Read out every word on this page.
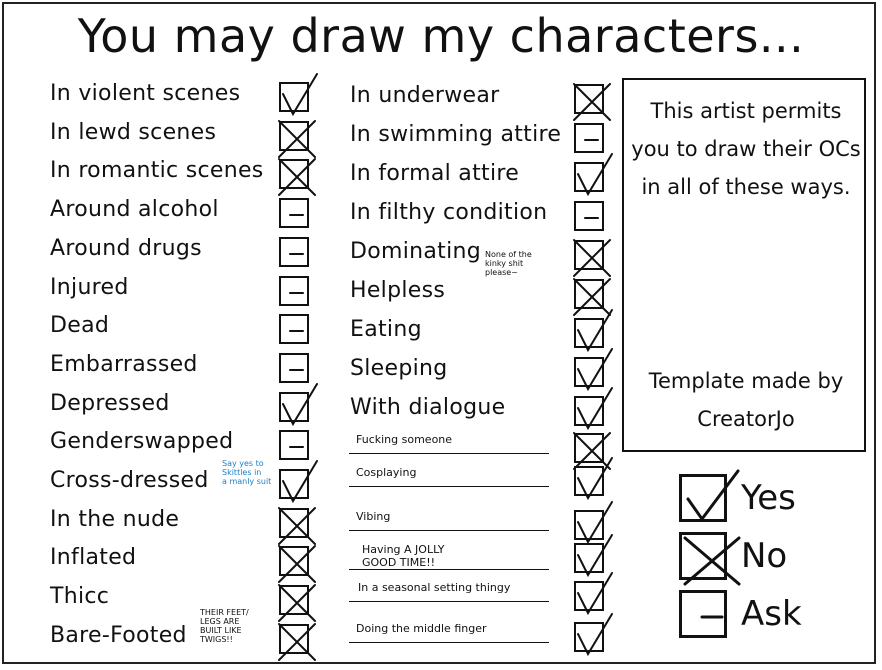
You may draw my characters...
In violent scenes
In lewd scenes
In romantic scenes
Around alcohol
Around drugs
Injured
Dead
Embarrassed
Depressed
Genderswapped
Cross-dressed
In the nude
Inflated
Thicc
Bare-Footed
In underwear
In swimming attire
In formal attire
In filthy condition
Dominating
Helpless
Eating
Sleeping
With dialogue
Fucking someone
Cosplaying
Vibing
Having A JOLLY
GOOD TIME!!
In a seasonal setting thingy
Doing the middle finger
None of the
kinky shit
please~
Say yes to
Skittles in
a manly suit
THEIR FEET/
LEGS ARE
BUILT LIKE
TWIGS!!
This artist permits you to draw their OCs in all of these ways.
Template made by CreatorJo
Yes
No
Ask
